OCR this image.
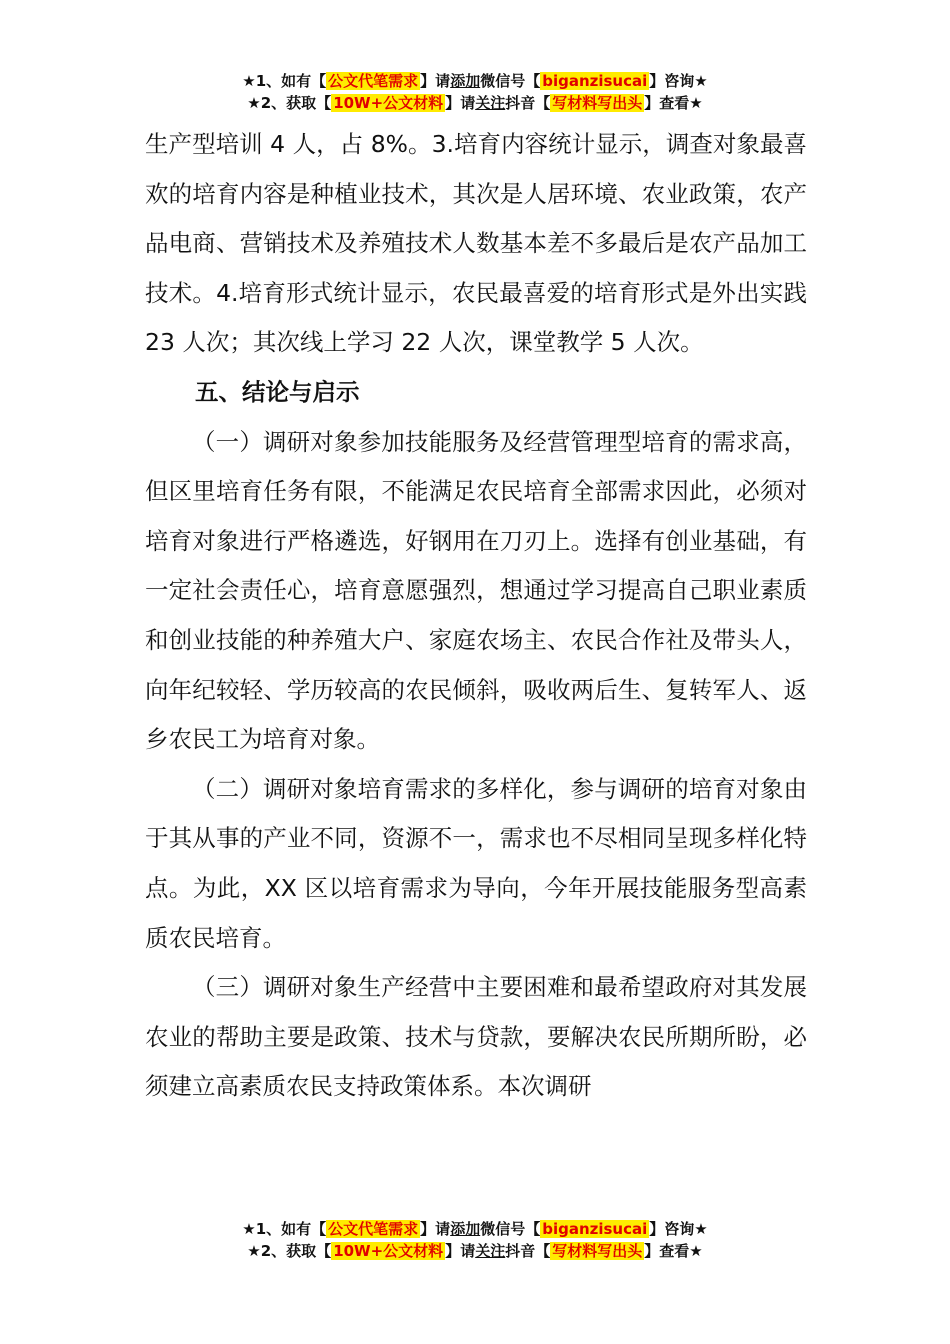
★1、如有【 公文代笔需求 】请添加微信号【 biganzisucai 】咨询★
★2、获取【 10W+公文材料 】请关注抖音【 写材料写出头 】查看★

生产型培训 4 人，占 8%。3.培育内容统计显示，调查对象最喜欢的培育内容是种植业技术，其次是人居环境、农业政策，农产品电商、营销技术及养殖技术人数基本差不多最后是农产品加工技术。4.培育形式统计显示，农民最喜爱的培育形式是外出实践 23 人次；其次线上学习 22 人次，课堂教学 5 人次。

五、结论与启示

（一）调研对象参加技能服务及经营管理型培育的需求高，但区里培育任务有限，不能满足农民培育全部需求因此，必须对培育对象进行严格遴选，好钢用在刀刃上。选择有创业基础，有一定社会责任心，培育意愿强烈，想通过学习提高自己职业素质和创业技能的种养殖大户、家庭农场主、农民合作社及带头人，向年纪较轻、学历较高的农民倾斜，吸收两后生、复转军人、返乡农民工为培育对象。

（二）调研对象培育需求的多样化，参与调研的培育对象由于其从事的产业不同，资源不一，需求也不尽相同呈现多样化特点。为此，XX 区以培育需求为导向，今年开展技能服务型高素质农民培育。

（三）调研对象生产经营中主要困难和最希望政府对其发展农业的帮助主要是政策、技术与贷款，要解决农民所期所盼，必须建立高素质农民支持政策体系。本次调研

★1、如有【 公文代笔需求 】请添加微信号【 biganzisucai 】咨询★
★2、获取【 10W+公文材料 】请关注抖音【 写材料写出头 】查看★
